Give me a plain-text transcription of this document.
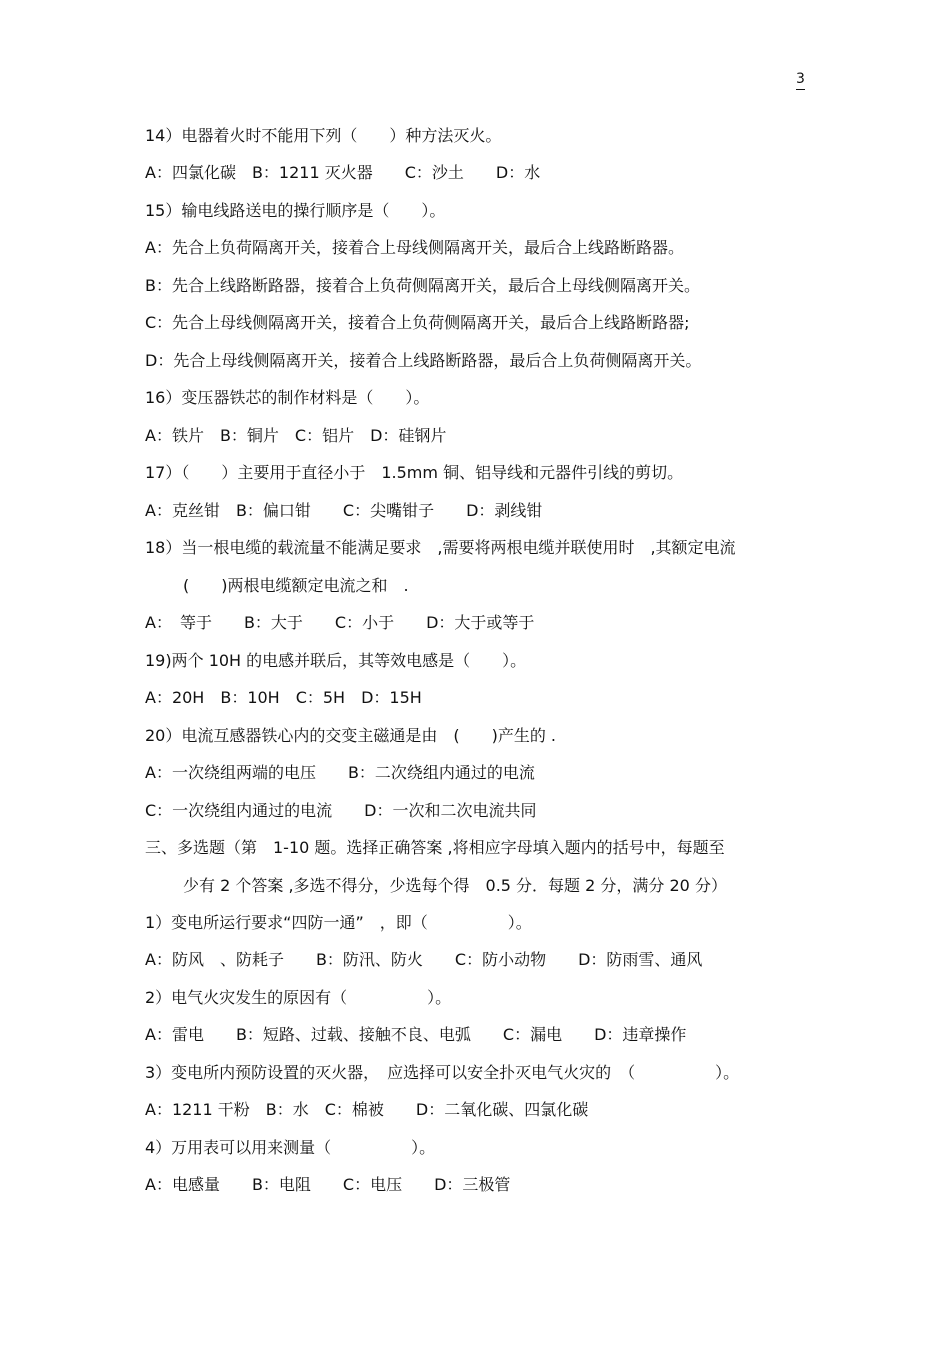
3
14）电器着火时不能用下列（　　）种方法灭火。
A：四氯化碳　B：1211 灭火器　　C：沙土　　D：水
15）输电线路送电的操行顺序是（　　）。
A：先合上负荷隔离开关，接着合上母线侧隔离开关，最后合上线路断路器。
B：先合上线路断路器，接着合上负荷侧隔离开关，最后合上母线侧隔离开关。
C：先合上母线侧隔离开关，接着合上负荷侧隔离开关，最后合上线路断路器;
D：先合上母线侧隔离开关，接着合上线路断路器，最后合上负荷侧隔离开关。
16）变压器铁芯的制作材料是（　　）。
A：铁片　B：铜片　C：铝片　D：硅钢片
17）（　　）主要用于直径小于　1.5mm 铜、铝导线和元器件引线的剪切。
A：克丝钳　B：偏口钳　　C：尖嘴钳子　　D：剥线钳
18）当一根电缆的载流量不能满足要求　,需要将两根电缆并联使用时　,其额定电流
(　　)两根电缆额定电流之和　.
A：　等于　　B：大于　　C：小于　　D：大于或等于
19)两个 10H 的电感并联后，其等效电感是（　　）。
A：20H　B：10H　C：5H　D：15H
20）电流互感器铁心内的交变主磁通是由　(　　)产生的 .
A：一次绕组两端的电压　　B：二次绕组内通过的电流
C：一次绕组内通过的电流　　D：一次和二次电流共同
三、多选题（第　1-10 题。选择正确答案 ,将相应字母填入题内的括号中，每题至
少有 2 个答案 ,多选不得分，少选每个得　0.5 分．每题 2 分，满分 20 分）
1）变电所运行要求“四防一通”　，即（　　　　　）。
A：防风　、防耗子　　B：防汛、防火　　C：防小动物　　D：防雨雪、通风
2）电气火灾发生的原因有（　　　　　）。
A：雷电　　B：短路、过载、接触不良、电弧　　C：漏电　　D：违章操作
3）变电所内预防设置的灭火器，　应选择可以安全扑灭电气火灾的　（　　　　　）。
A：1211 干粉　B：水　C：棉被　　D：二氧化碳、四氯化碳
4）万用表可以用来测量（　　　　　）。
A：电感量　　B：电阻　　C：电压　　D：三极管
